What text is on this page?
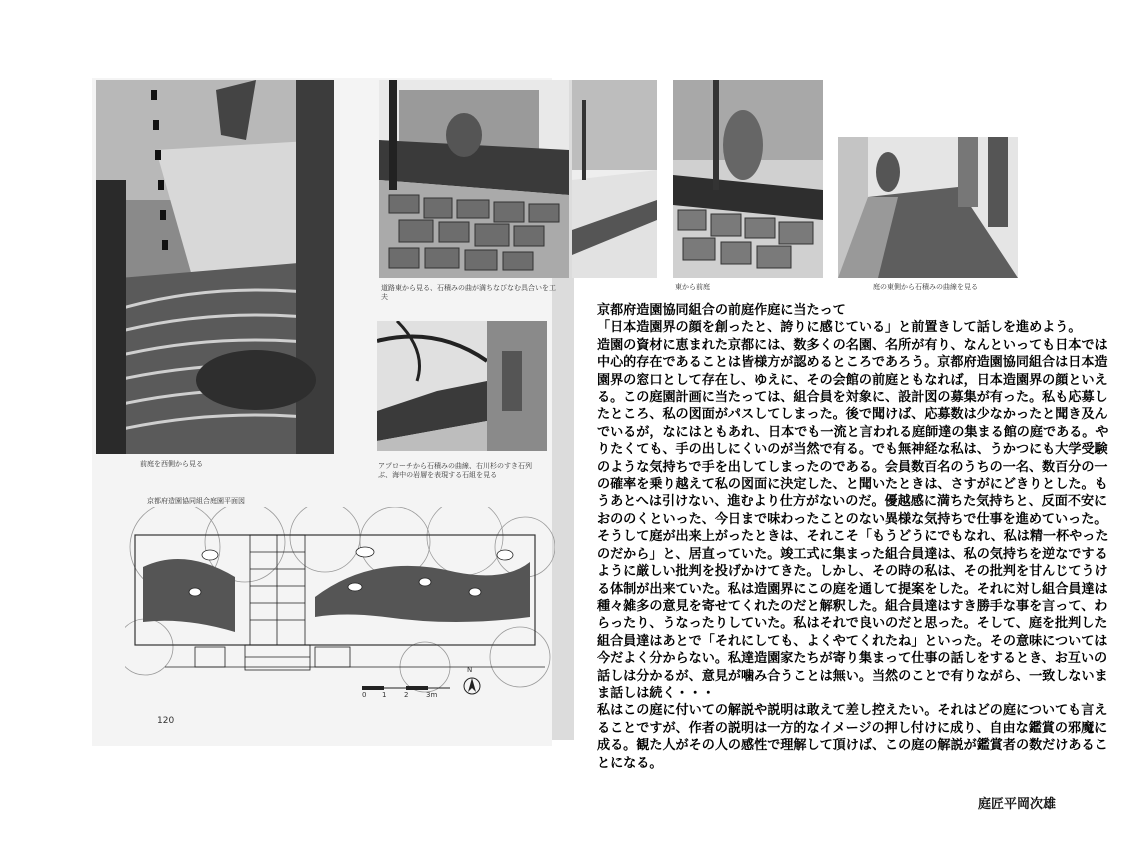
前庭を西側から見る
道路東から見る、石積みの曲が満ちなびなむ具合いを工夫
東から前庭	庭の東側から石積みの曲線を見る
アプローチから石積みの曲線、右川杉のすき石列ぶ、海中の岩層を表現する石組を見る
京都府造園協同組合庭園平面図
0 1	2	3m
N
120

京都府造園協同組合の前庭作庭に当たって

「日本造園界の顔を創ったと、誇りに感じている」と前置きして話しを進めよう。

造園の資材に恵まれた京都には、数多くの名園、名所が有り、なんといっても日本では中心的存在であることは皆様方が認めるところであろう。京都府造園協同組合は日本造園界の窓口として存在し、ゆえに、その会館の前庭ともなれば，日本造園界の顔といえる。この庭園計画に当たっては、組合員を対象に、設計図の募集が有った。私も応募したところ、私の図面がパスしてしまった。後で聞けば、応募数は少なかったと聞き及んでいるが，なにはともあれ、日本でも一流と言われる庭師達の集まる館の庭である。やりたくても、手の出しにくいのが当然で有る。でも無神経な私は、うかつにも大学受験のような気持ちで手を出してしまったのである。会員数百名のうちの一名、数百分の一の確率を乗り越えて私の図面に決定した、と聞いたときは、さすがにどきりとした。もうあとへは引けない、進むより仕方がないのだ。優越感に満ちた気持ちと、反面不安におののくといった、今日まで味わったことのない異様な気持ちで仕事を進めていった。そうして庭が出来上がったときは、それこそ「もうどうにでもなれ、私は精一杯やったのだから」と、居直っていた。竣工式に集まった組合員達は、私の気持ちを逆なでするように厳しい批判を投げかけてきた。しかし、その時の私は、その批判を甘んじてうける体制が出来ていた。私は造園界にこの庭を通して提案をした。それに対し組合員達は種々雑多の意見を寄せてくれたのだと解釈した。組合員達はすき勝手な事を言って、わらったり、うなったりしていた。私はそれで良いのだと思った。そして、庭を批判した組合員達はあとで「それにしても、よくやてくれたね」といった。その意味については今だよく分からない。私達造園家たちが寄り集まって仕事の話しをするとき、お互いの話しは分かるが、意見が噛み合うことは無い。当然のことで有りながら、一致しないまま話しは続く・・・

私はこの庭に付いての解説や説明は敢えて差し控えたい。それはどの庭についても言えることですが、作者の説明は一方的なイメージの押し付けに成り、自由な鑑賞の邪魔に成る。観た人がその人の感性で理解して頂けば、この庭の解説が鑑賞者の数だけあることになる。

庭匠平岡次雄
